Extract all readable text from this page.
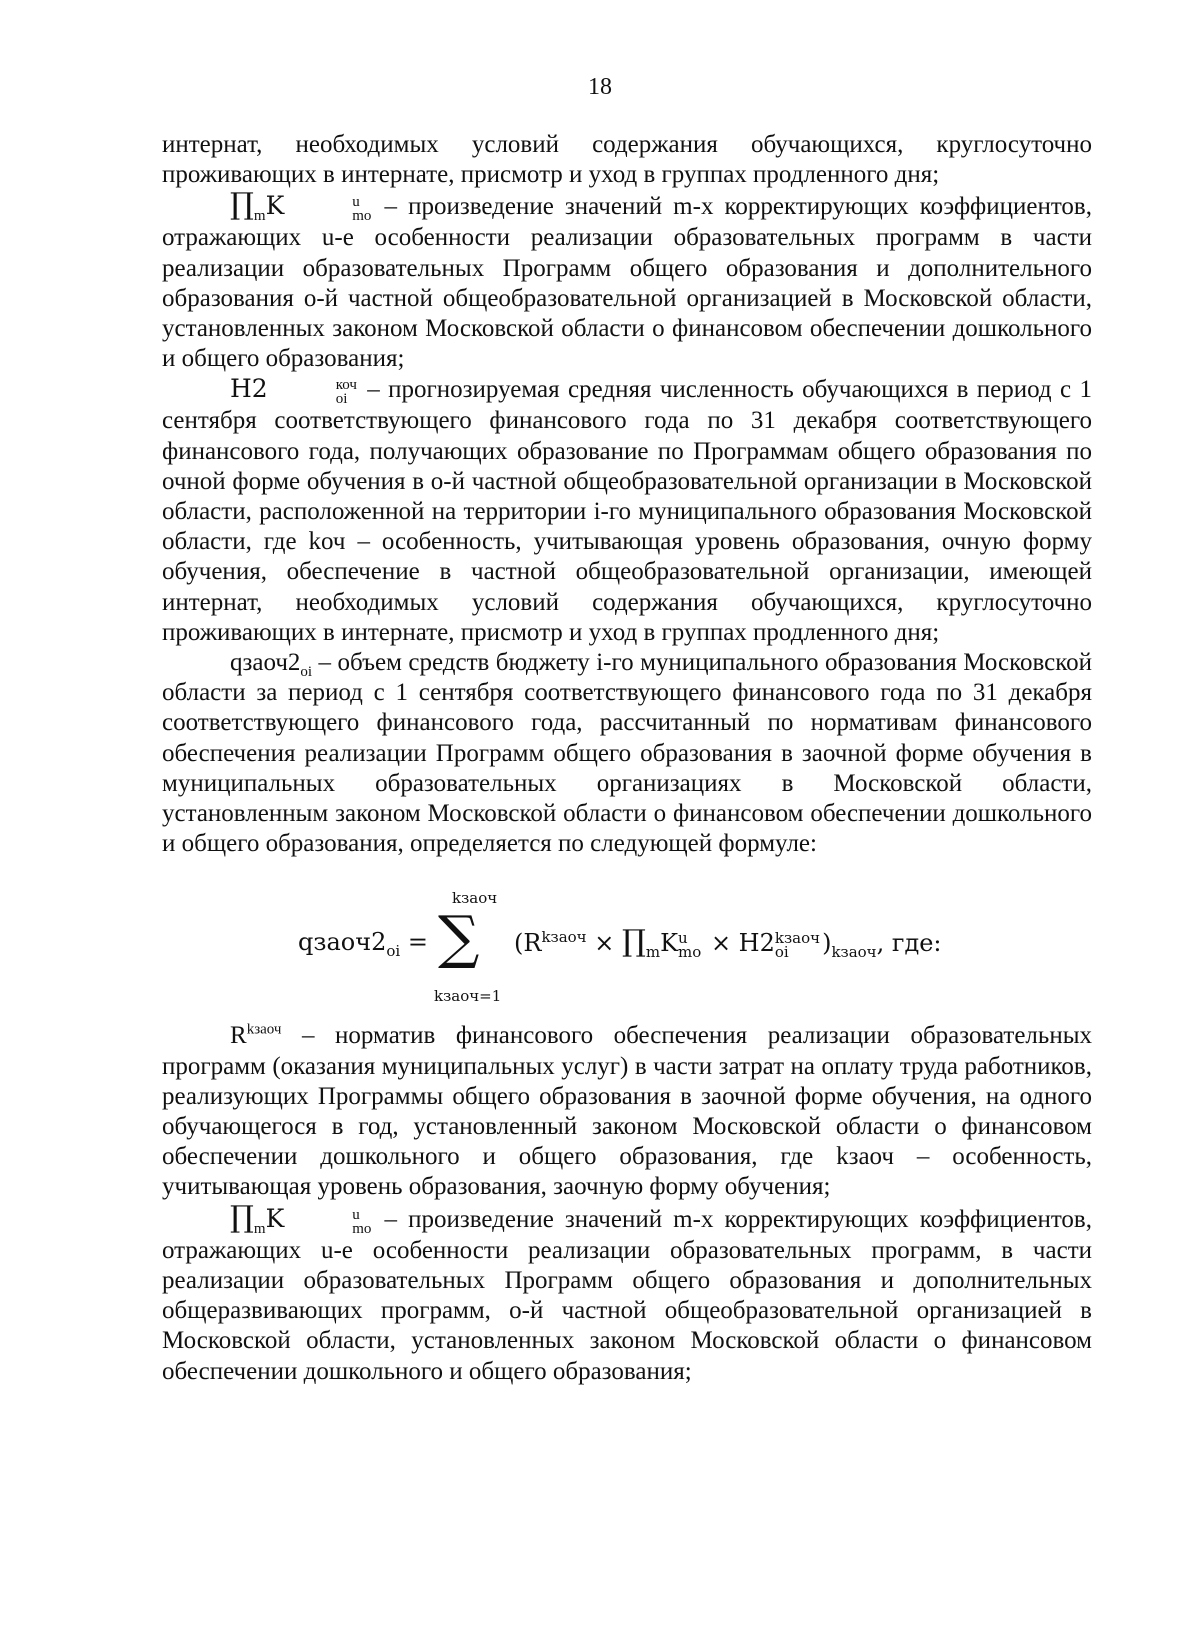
18

интернат, необходимых условий содержания обучающихся, круглосуточно проживающих в интернате, присмотр и уход в группах продленного дня;

$\prod_mK$	u
mo – произведение значений m-х корректирующих коэффициентов, отражающих u-е особенности реализации образовательных программ в части реализации образовательных Программ общего образования и дополнительного образования о-й частной общеобразовательной организацией в Московской области, установленных законом Московской области о финансовом обеспечении дошкольного и общего образования;

Н2	коч
oi – прогнозируемая средняя численность обучающихся в период с 1 сентября соответствующего финансового года по 31 декабря соответствующего финансового года, получающих образование по Программам общего образования по очной форме обучения в о-й частной общеобразовательной организации в Московской области, расположенной на территории i-го муниципального образования Московской области, где kоч – особенность, учитывающая уровень образования, очную форму обучения, обеспечение в частной общеобразовательной организации, имеющей интернат, необходимых условий содержания обучающихся, круглосуточно проживающих в интернате, присмотр и уход в группах продленного дня;

$qзаоч2_{oi}$ – объем средств бюджету i-го муниципального образования Московской области за период с 1 сентября соответствующего финансового года по 31 декабря соответствующего финансового года, рассчитанный по нормативам финансового обеспечения реализации Программ общего образования в заочной форме обучения в муниципальных образовательных организациях в Московской области, установленным законом Московской области о финансовом обеспечении дошкольного и общего образования, определяется по следующей формуле:

$qзаоч2_{oi}$ =
kзаоч
∑
kзаоч=1
($R^{kзаоч}$ × $\prod_mK$ u
mo × Н2 kзаоч
oi	)$_{kзаоч}$, где:

$R^{kзаоч}$ – норматив финансового обеспечения реализации образовательных программ (оказания муниципальных услуг) в части затрат на оплату труда работников, реализующих Программы общего образования в заочной форме обучения, на одного обучающегося в год, установленный законом Московской области о финансовом обеспечении дошкольного и общего образования, где kзаоч – особенность, учитывающая уровень образования, заочную форму обучения;

$\prod_mK$	u
mo – произведение значений m-х корректирующих коэффициентов, отражающих u-е особенности реализации образовательных программ, в части реализации образовательных Программ общего образования и дополнительных общеразвивающих программ, о-й частной общеобразовательной организацией в Московской области, установленных законом Московской области о финансовом обеспечении дошкольного и общего образования;
